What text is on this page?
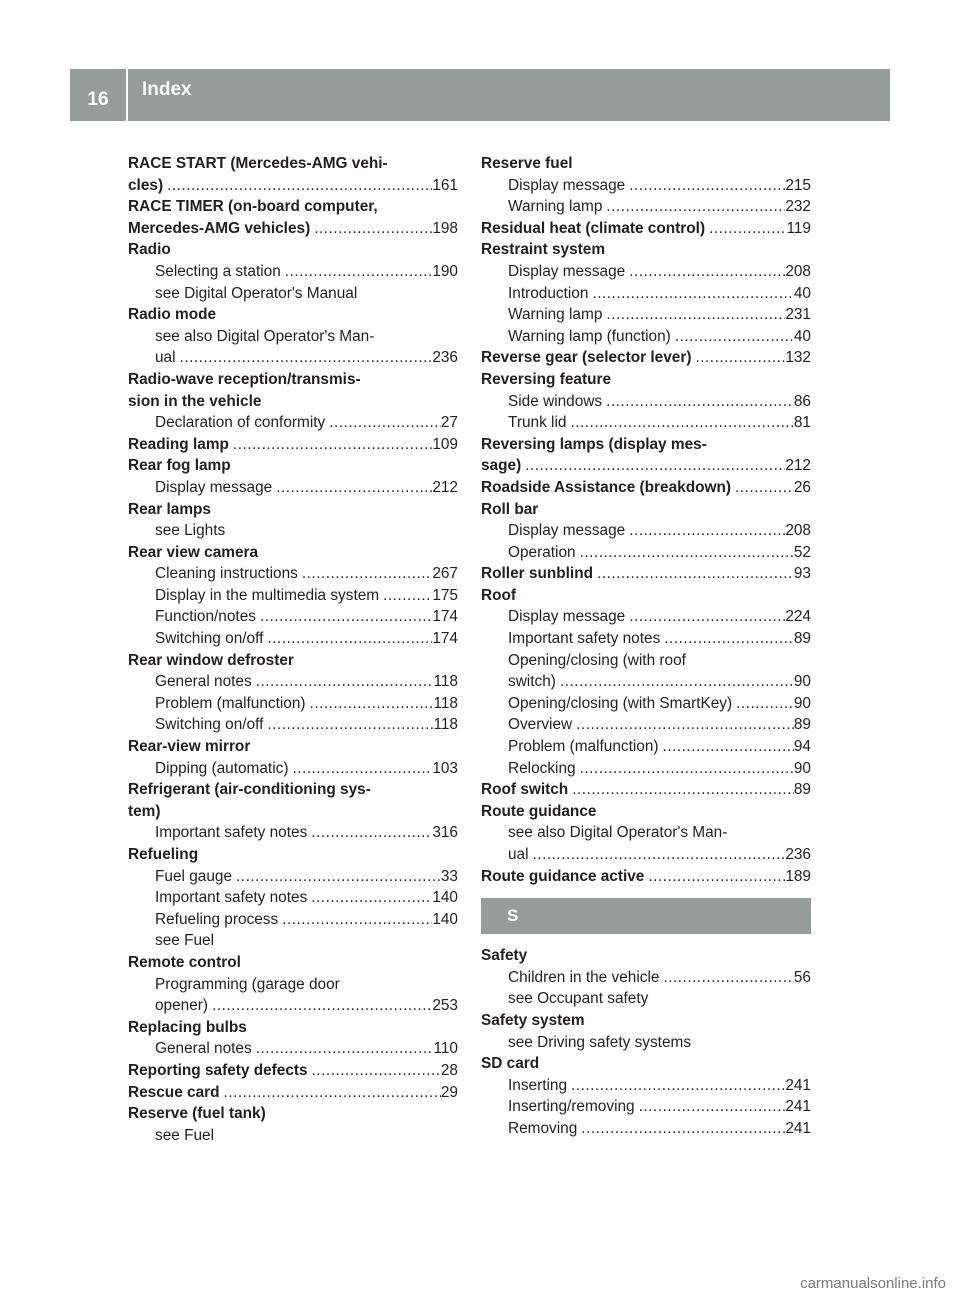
16	Index
RACE START (Mercedes-AMG vehi-
cles) .....	161
RACE TIMER (on-board computer,
Mercedes-AMG vehicles) .....	198
Radio
Selecting a station .....	190
see Digital Operator's Manual
Radio mode
see also Digital Operator's Man-
ual .....	236
Radio-wave reception/transmis-
sion in the vehicle
Declaration of conformity .....	27
Reading lamp .....	109
Rear fog lamp
Display message .....	212
Rear lamps
see Lights
Rear view camera
Cleaning instructions .....	267
Display in the multimedia system .....	175
Function/notes .....	174
Switching on/off .....	174
Rear window defroster
General notes .....	118
Problem (malfunction) .....	118
Switching on/off .....	118
Rear-view mirror
Dipping (automatic) .....	103
Refrigerant (air-conditioning sys-
tem)
Important safety notes .....	316
Refueling
Fuel gauge .....	33
Important safety notes .....	140
Refueling process .....	140
see Fuel
Remote control
Programming (garage door
opener) .....	253
Replacing bulbs
General notes .....	110
Reporting safety defects .....	28
Rescue card .....	29
Reserve (fuel tank)
see Fuel
Reserve fuel
Display message .....	215
Warning lamp .....	232
Residual heat (climate control) .....	119
Restraint system
Display message .....	208
Introduction .....	40
Warning lamp .....	231
Warning lamp (function) .....	40
Reverse gear (selector lever) .....	132
Reversing feature
Side windows .....	86
Trunk lid .....	81
Reversing lamps (display mes-
sage) .....	212
Roadside Assistance (breakdown) .....	26
Roll bar
Display message .....	208
Operation .....	52
Roller sunblind .....	93
Roof
Display message .....	224
Important safety notes .....	89
Opening/closing (with roof
switch) .....	90
Opening/closing (with SmartKey) .....	90
Overview .....	89
Problem (malfunction) .....	94
Relocking .....	90
Roof switch .....	89
Route guidance
see also Digital Operator's Man-
ual .....	236
Route guidance active .....	189
S
Safety
Children in the vehicle .....	56
see Occupant safety
Safety system
see Driving safety systems
SD card
Inserting .....	241
Inserting/removing .....	241
Removing .....	241
carmanualsonline.info
